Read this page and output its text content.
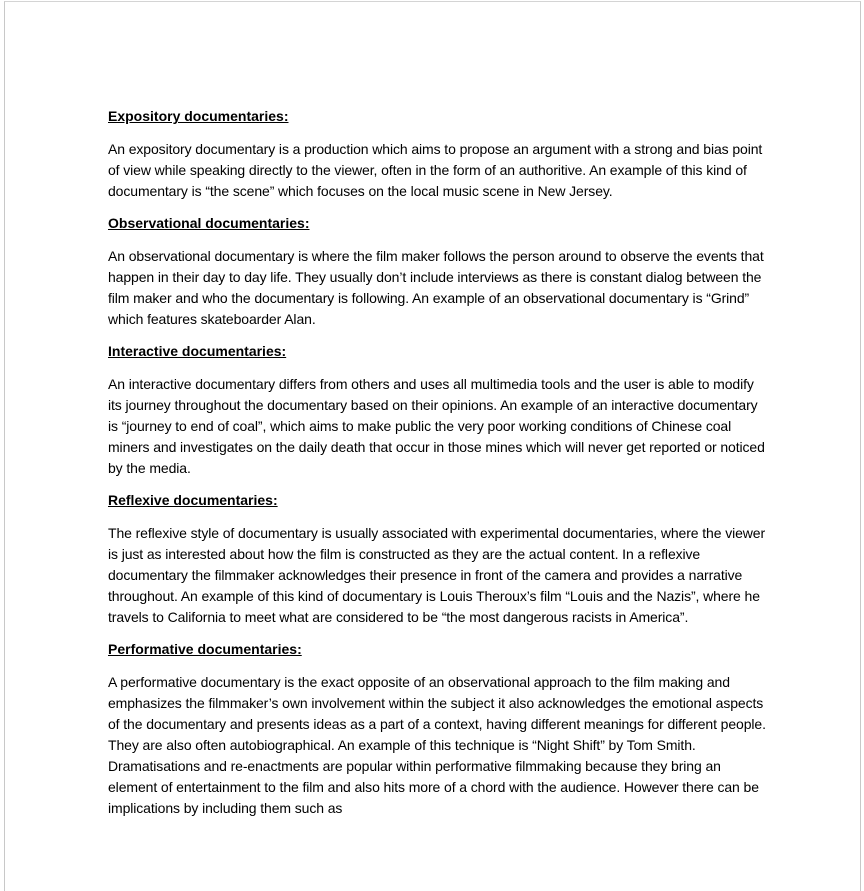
Expository documentaries:
An expository documentary is a production which aims to propose an argument with a strong and bias point of view while speaking directly to the viewer, often in the form of an authoritive. An example of this kind of documentary is “the scene” which focuses on the local music scene in New Jersey.
Observational documentaries:
An observational documentary is where the film maker follows the person around to observe the events that happen in their day to day life. They usually don’t include interviews as there is constant dialog between the film maker and who the documentary is following. An example of an observational documentary is “Grind” which features skateboarder Alan.
Interactive documentaries:
An interactive documentary differs from others and uses all multimedia tools and the user is able to modify its journey throughout the documentary based on their opinions. An example of an interactive documentary is “journey to end of coal”, which aims to make public the very poor working conditions of Chinese coal miners and investigates on the daily death that occur in those mines which will never get reported or noticed by the media.
Reflexive documentaries:
The reflexive style of documentary is usually associated with experimental documentaries, where the viewer is just as interested about how the film is constructed as they are the actual content. In a reflexive documentary the filmmaker acknowledges their presence in front of the camera and provides a narrative throughout. An example of this kind of documentary is Louis Theroux’s film “Louis and the Nazis”, where he travels to California to meet what are considered to be “the most dangerous racists in America”.
Performative documentaries:
A performative documentary is the exact opposite of an observational approach to the film making and emphasizes the filmmaker’s own involvement within the subject it also acknowledges the emotional aspects of the documentary and presents ideas as a part of a context, having different meanings for different people. They are also often autobiographical. An example of this technique is “Night Shift” by Tom Smith. Dramatisations and re-enactments are popular within performative filmmaking because they bring an element of entertainment to the film and also hits more of a chord with the audience. However there can be implications by including them such as
